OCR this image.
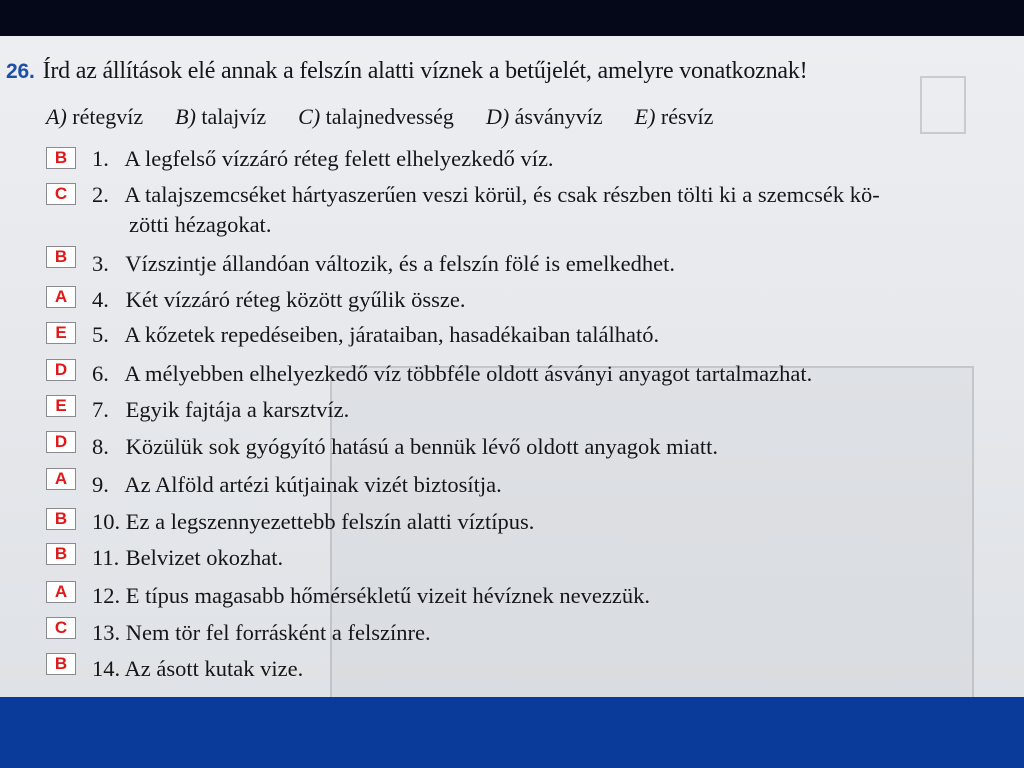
26. Írd az állítások elé annak a felszín alatti víznek a betűjelét, amelyre vonatkoznak!
A) rétegvíz B) talajvíz C) talajnedvesség D) ásványvíz E) résvíz
B	1. A legfelső vízzáró réteg felett elhelyezkedő víz.
C	2. A talajszemcséket hártyaszerűen veszi körül, és csak részben tölti ki a szemcsék kö-
zötti hézagokat.
B	3. Vízszintje állandóan változik, és a felszín fölé is emelkedhet.
A	4. Két vízzáró réteg között gyűlik össze.
E	5. A kőzetek repedéseiben, járataiban, hasadékaiban található.
D	6. A mélyebben elhelyezkedő víz többféle oldott ásványi anyagot tartalmazhat.
E	7. Egyik fajtája a karsztvíz.
D	8. Közülük sok gyógyító hatású a bennük lévő oldott anyagok miatt.
A	9. Az Alföld artézi kútjainak vizét biztosítja.
B	10. Ez a legszennyezettebb felszín alatti víztípus.
B	11. Belvizet okozhat.
A	12. E típus magasabb hőmérsékletű vizeit hévíznek nevezzük.
C	13. Nem tör fel forrásként a felszínre.
B	14. Az ásott kutak vize.
